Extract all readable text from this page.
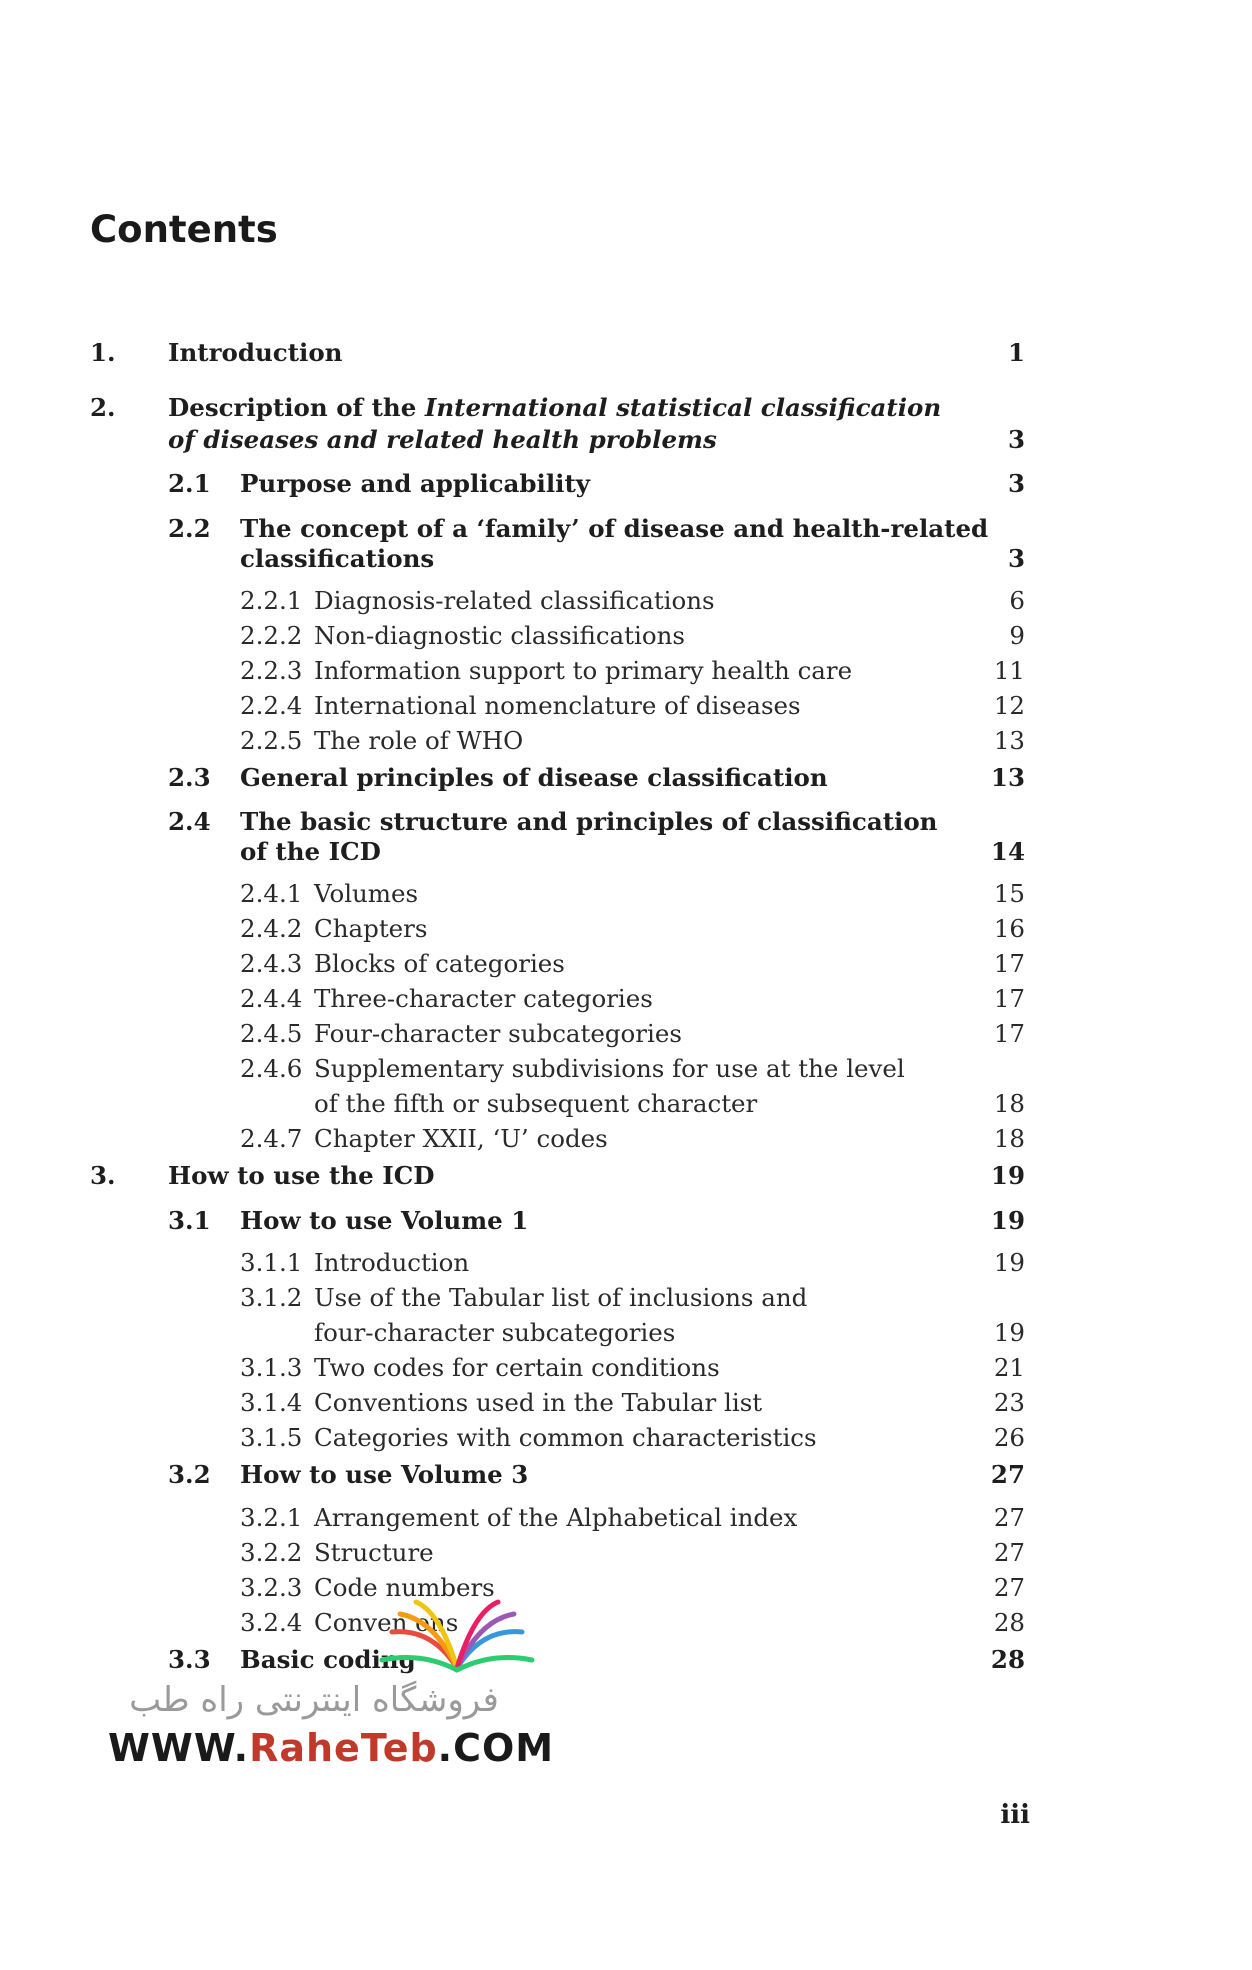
Contents
1. Introduction	1
2. Description of the International statistical classification
of diseases and related health problems	3
2.1 Purpose and applicability	3
2.2 The concept of a ‘family’ of disease and health-related
classifications	3
2.2.1 Diagnosis-related classifications	6
2.2.2 Non-diagnostic classifications	9
2.2.3 Information support to primary health care	11
2.2.4 International nomenclature of diseases	12
2.2.5 The role of WHO	13
2.3 General principles of disease classification	13
2.4 The basic structure and principles of classification
of the ICD	14
2.4.1 Volumes	15
2.4.2 Chapters	16
2.4.3 Blocks of categories	17
2.4.4 Three-character categories	17
2.4.5 Four-character subcategories	17
2.4.6 Supplementary subdivisions for use at the level
of the fifth or subsequent character	18
2.4.7 Chapter XXII, ‘U’ codes	18
3. How to use the ICD	19
3.1 How to use Volume 1	19
3.1.1 Introduction	19
3.1.2 Use of the Tabular list of inclusions and
four-character subcategories	19
3.1.3 Two codes for certain conditions	21
3.1.4 Conventions used in the Tabular list	23
3.1.5 Categories with common characteristics	26
3.2 How to use Volume 3	27
3.2.1 Arrangement of the Alphabetical index	27
3.2.2 Structure	27
3.2.3 Code numbers	27
3.2.4 Conven ons	28
3.3 Basic coding	28
فروشگاه اینترنتی راه طب
WWW.RaheTeb.COM
iii
